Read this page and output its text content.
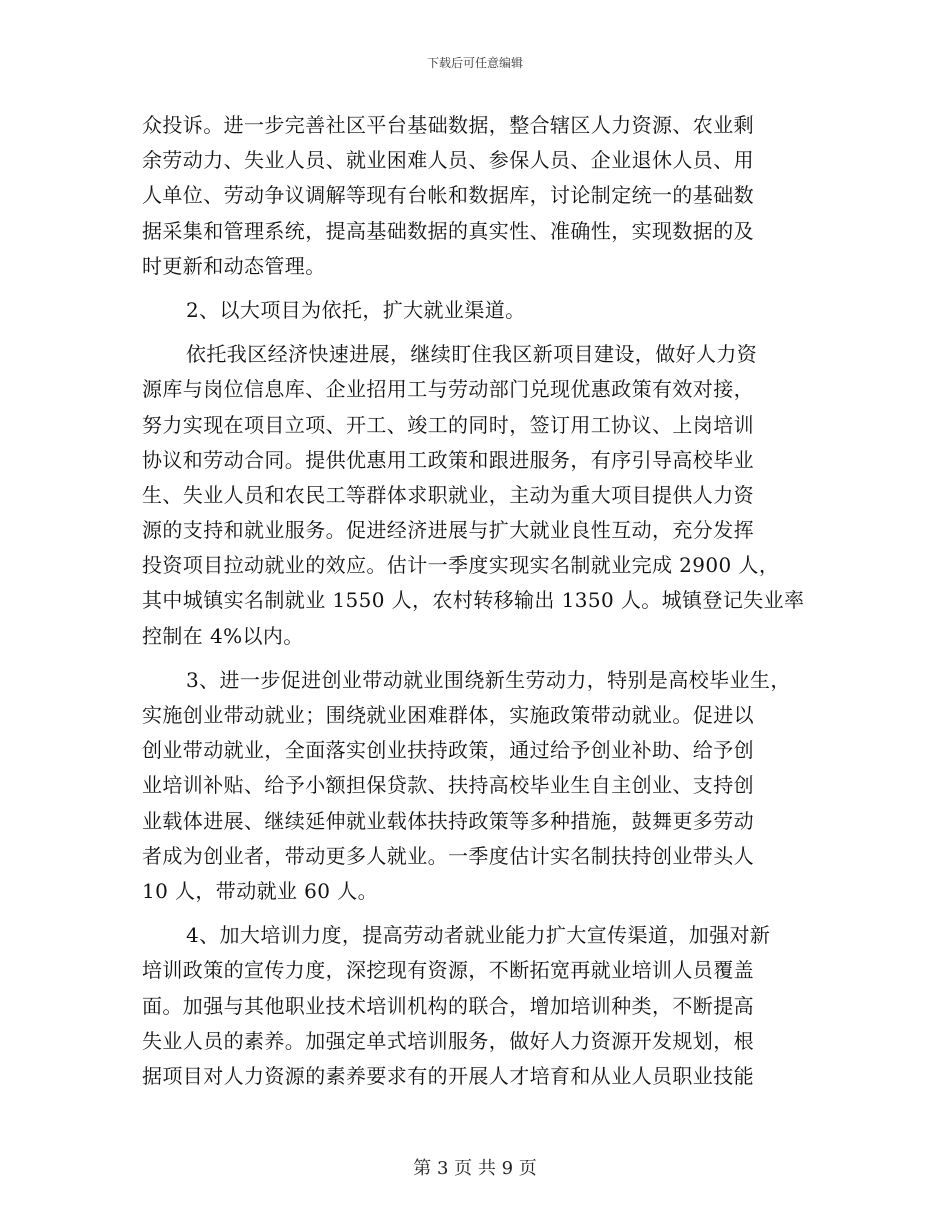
下载后可任意编辑
众投诉。进一步完善社区平台基础数据，整合辖区人力资源、农业剩
余劳动力、失业人员、就业困难人员、参保人员、企业退休人员、用
人单位、劳动争议调解等现有台帐和数据库，讨论制定统一的基础数
据采集和管理系统，提高基础数据的真实性、准确性，实现数据的及
时更新和动态管理。
2、以大项目为依托，扩大就业渠道。
依托我区经济快速进展，继续盯住我区新项目建设，做好人力资
源库与岗位信息库、企业招用工与劳动部门兑现优惠政策有效对接，
努力实现在项目立项、开工、竣工的同时，签订用工协议、上岗培训
协议和劳动合同。提供优惠用工政策和跟进服务，有序引导高校毕业
生、失业人员和农民工等群体求职就业，主动为重大项目提供人力资
源的支持和就业服务。促进经济进展与扩大就业良性互动，充分发挥
投资项目拉动就业的效应。估计一季度实现实名制就业完成 2900 人，
其中城镇实名制就业 1550 人，农村转移输出 1350 人。城镇登记失业率
控制在 4%以内。
3、进一步促进创业带动就业围绕新生劳动力，特别是高校毕业生，
实施创业带动就业；围绕就业困难群体，实施政策带动就业。促进以
创业带动就业，全面落实创业扶持政策，通过给予创业补助、给予创
业培训补贴、给予小额担保贷款、扶持高校毕业生自主创业、支持创
业载体进展、继续延伸就业载体扶持政策等多种措施，鼓舞更多劳动
者成为创业者，带动更多人就业。一季度估计实名制扶持创业带头人
10 人，带动就业 60 人。
4、加大培训力度，提高劳动者就业能力扩大宣传渠道，加强对新
培训政策的宣传力度，深挖现有资源，不断拓宽再就业培训人员覆盖
面。加强与其他职业技术培训机构的联合，增加培训种类，不断提高
失业人员的素养。加强定单式培训服务，做好人力资源开发规划，根
据项目对人力资源的素养要求有的开展人才培育和从业人员职业技能
第 3 页 共 9 页
